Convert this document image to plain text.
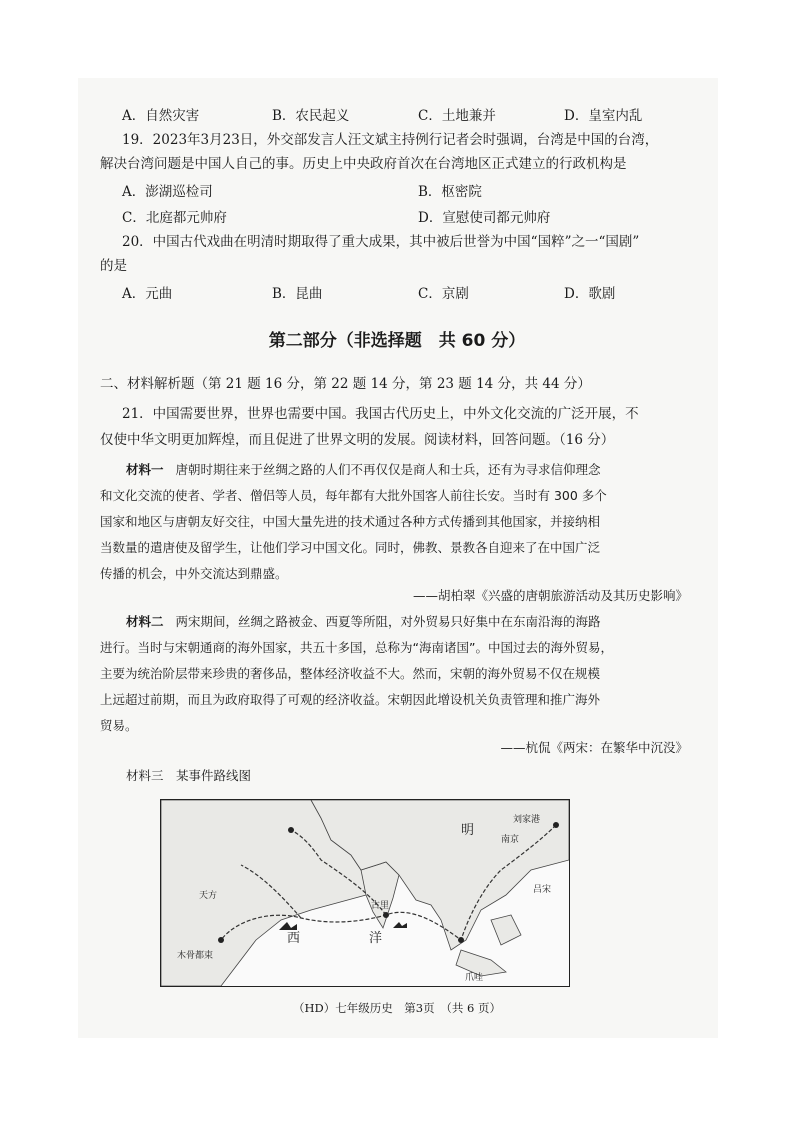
A．自然灾害	B．农民起义	C．土地兼并	D．皇室内乱
19．2023年3月23日，外交部发言人汪文斌主持例行记者会时强调，台湾是中国的台湾，
解决台湾问题是中国人自己的事。历史上中央政府首次在台湾地区正式建立的行政机构是
A．澎湖巡检司	B．枢密院
C．北庭都元帅府	D．宣慰使司都元帅府
20．中国古代戏曲在明清时期取得了重大成果，其中被后世誉为中国“国粹”之一“国剧”
的是
A．元曲	B．昆曲	C．京剧	D．歌剧
第二部分（非选择题　共 60 分）
二、材料解析题（第 21 题 16 分，第 22 题 14 分，第 23 题 14 分，共 44 分）
21．中国需要世界，世界也需要中国。我国古代历史上，中外文化交流的广泛开展，不
仅使中华文明更加辉煌，而且促进了世界文明的发展。阅读材料，回答问题。（16 分）
材料一 唐朝时期往来于丝绸之路的人们不再仅仅是商人和士兵，还有为寻求信仰理念
和文化交流的使者、学者、僧侣等人员，每年都有大批外国客人前往长安。当时有 300 多个
国家和地区与唐朝友好交往，中国大量先进的技术通过各种方式传播到其他国家，并接纳相
当数量的遣唐使及留学生，让他们学习中国文化。同时，佛教、景教各自迎来了在中国广泛
传播的机会，中外交流达到鼎盛。
——胡柏翠《兴盛的唐朝旅游活动及其历史影响》
材料二 两宋期间，丝绸之路被金、西夏等所阻，对外贸易只好集中在东南沿海的海路
进行。当时与宋朝通商的海外国家，共五十多国，总称为“海南诸国”。中国过去的海外贸易，
主要为统治阶层带来珍贵的奢侈品，整体经济收益不大。然而，宋朝的海外贸易不仅在规模
上远超过前期，而且为政府取得了可观的经济收益。宋朝因此增设机关负责管理和推广海外
贸易。
——杭侃《两宋：在繁华中沉没》
材料三　某事件路线图
明
刘家港
南京
天方
木骨都束
古里
西	洋
吕宋
爪哇
（HD）七年级历史　第3页　（共 6 页）
